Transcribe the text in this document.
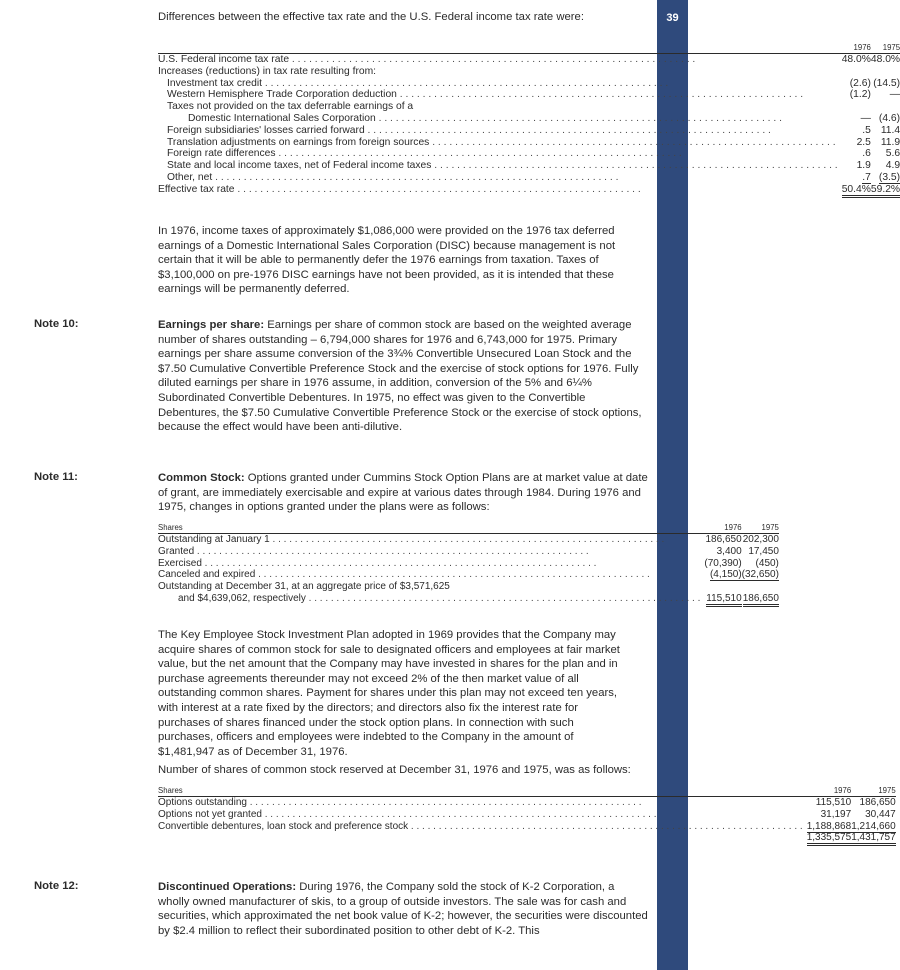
39

Differences between the effective tax rate and the U.S. Federal income tax rate were:

	1976	1975

U.S. Federal income tax rate . . .	48.0%	48.0%

Increases (reductions) in tax rate resulting from:		

Investment tax credit . . .	(2.6)	(14.5)

Western Hemisphere Trade Corporation deduction . . .	(1.2)	—

Taxes not provided on the tax deferrable earnings of a		

Domestic International Sales Corporation . . .	—	(4.6)

Foreign subsidiaries' losses carried forward . . .	.5	11.4

Translation adjustments on earnings from foreign sources . . .	2.5	11.9

Foreign rate differences . . .	.6	5.6

State and local income taxes, net of Federal income taxes . . .	1.9	4.9

Other, net . . .	.7	(3.5)

Effective tax rate . . .	50.4%	59.2%

In 1976, income taxes of approximately $1,086,000 were provided on the 1976 tax deferred earnings of a Domestic International Sales Corporation (DISC) because management is not certain that it will be able to permanently defer the 1976 earnings from taxation. Taxes of $3,100,000 on pre-1976 DISC earnings have not been provided, as it is intended that these earnings will be permanently deferred.

Note 10:	Earnings per share: Earnings per share of common stock are based on the weighted average number of shares outstanding – 6,794,000 shares for 1976 and 6,743,000 for 1975. Primary earnings per share assume conversion of the 3¾% Convertible Unsecured Loan Stock and the $7.50 Cumulative Convertible Preference Stock and the exercise of stock options for 1976. Fully diluted earnings per share in 1976 assume, in addition, conversion of the 5% and 6¼% Subordinated Convertible Debentures. In 1975, no effect was given to the Convertible Debentures, the $7.50 Cumulative Convertible Preference Stock or the exercise of stock options, because the effect would have been anti-dilutive.

Note 11:	Common Stock: Options granted under Cummins Stock Option Plans are at market value at date of grant, are immediately exercisable and expire at various dates through 1984. During 1976 and 1975, changes in options granted under the plans were as follows:

Shares	1976	1975

Outstanding at January 1 . . .	186,650	202,300

Granted . . .	3,400	17,450

Exercised . . .	(70,390)	(450)

Canceled and expired . . .	(4,150)	(32,650)

Outstanding at December 31, at an aggregate price of $3,571,625		

and $4,639,062, respectively . . .	115,510	186,650

The Key Employee Stock Investment Plan adopted in 1969 provides that the Company may acquire shares of common stock for sale to designated officers and employees at fair market value, but the net amount that the Company may have invested in shares for the plan and in purchase agreements thereunder may not exceed 2% of the then market value of all outstanding common shares. Payment for shares under this plan may not exceed ten years, with interest at a rate fixed by the directors; and directors also fix the interest rate for purchases of shares financed under the stock option plans. In connection with such purchases, officers and employees were indebted to the Company in the amount of $1,481,947 as of December 31, 1976.

Number of shares of common stock reserved at December 31, 1976 and 1975, was as follows:

Shares	1976	1975

Options outstanding . . .	115,510	186,650

Options not yet granted . . .	31,197	30,447

Convertible debentures, loan stock and preference stock . . .	1,188,868	1,214,660
	1,335,575	1,431,757
Note 12:	Discontinued Operations: During 1976, the Company sold the stock of K-2 Corporation, a wholly owned manufacturer of skis, to a group of outside investors. The sale was for cash and securities, which approximated the net book value of K-2; however, the securities were discounted by $2.4 million to reflect their subordinated position to other debt of K-2. This
